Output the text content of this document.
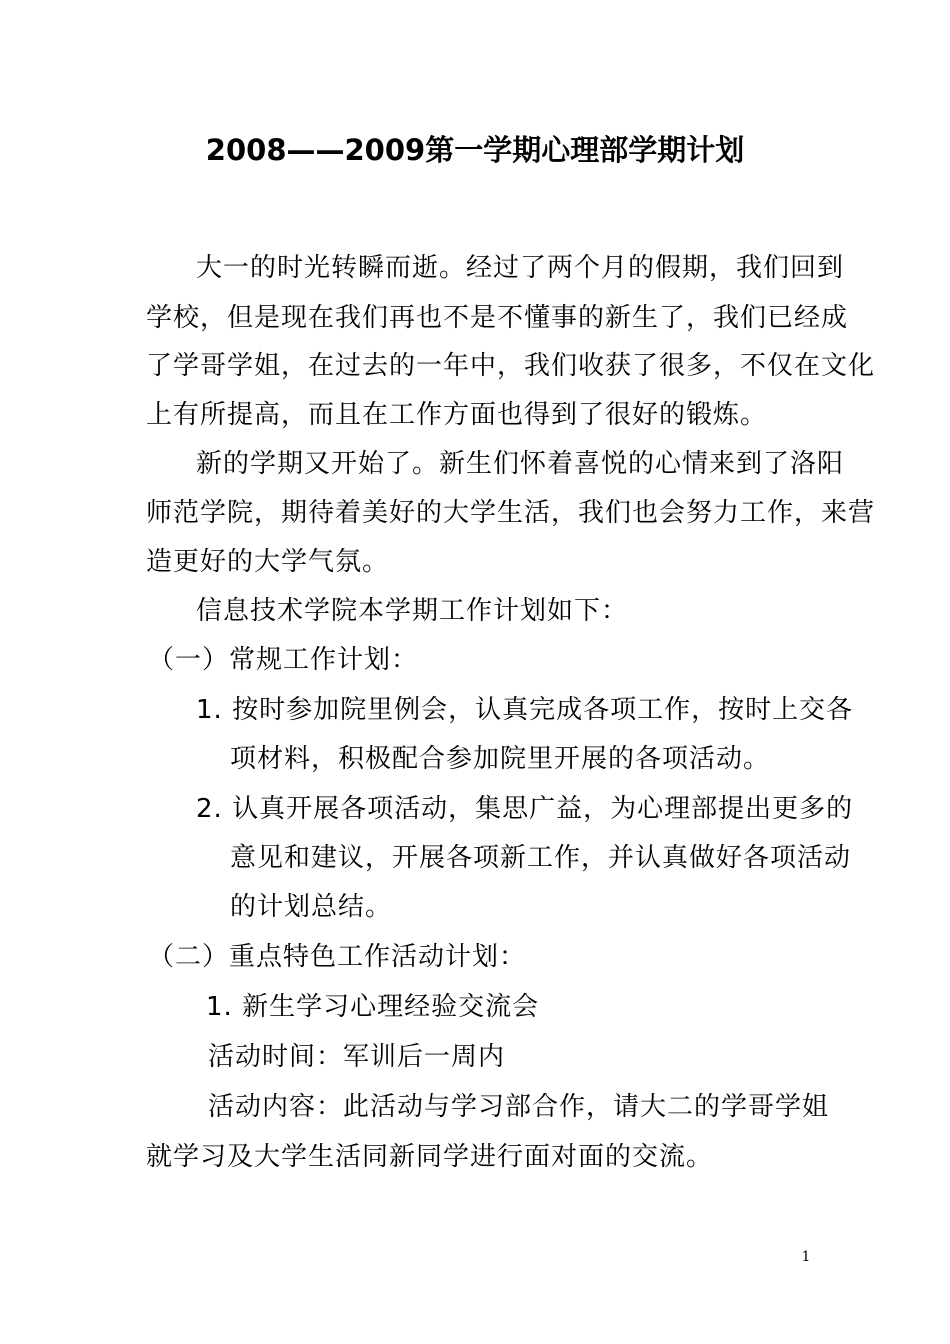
2008——2009第一学期心理部学期计划
大一的时光转瞬而逝。经过了两个月的假期，我们回到
学校，但是现在我们再也不是不懂事的新生了，我们已经成
了学哥学姐，在过去的一年中，我们收获了很多，不仅在文化
上有所提高，而且在工作方面也得到了很好的锻炼。
新的学期又开始了。新生们怀着喜悦的心情来到了洛阳
师范学院，期待着美好的大学生活，我们也会努力工作，来营
造更好的大学气氛。
信息技术学院本学期工作计划如下：
（一）常规工作计划：
1. 按时参加院里例会，认真完成各项工作，按时上交各
项材料，积极配合参加院里开展的各项活动。
2. 认真开展各项活动，集思广益，为心理部提出更多的
意见和建议，开展各项新工作，并认真做好各项活动
的计划总结。
（二）重点特色工作活动计划：
1. 新生学习心理经验交流会
活动时间：军训后一周内
活动内容：此活动与学习部合作，请大二的学哥学姐
就学习及大学生活同新同学进行面对面的交流。
1
